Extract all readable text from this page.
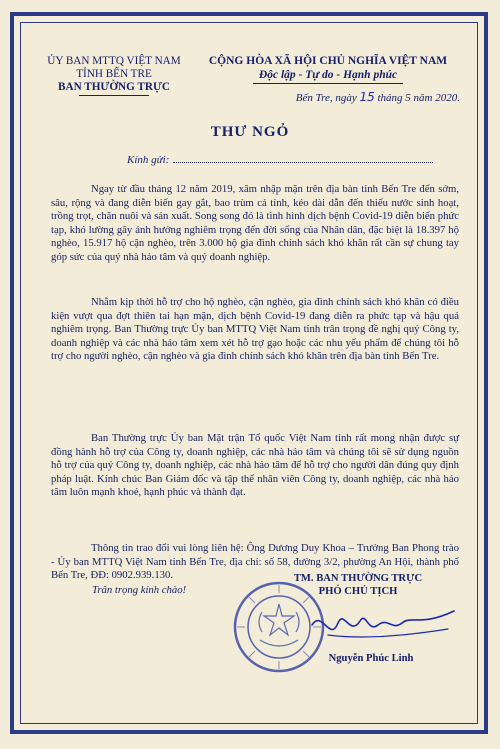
ỦY BAN MTTQ VIỆT NAM
TỈNH BẾN TRE
BAN THƯỜNG TRỰC
CỘNG HÒA XÃ HỘI CHỦ NGHĨA VIỆT NAM
Độc lập - Tự do - Hạnh phúc
Bến Tre, ngày 15 tháng 5 năm 2020.
THƯ NGỎ
Kính gửi:
Ngay từ đầu tháng 12 năm 2019, xâm nhập mặn trên địa bàn tỉnh Bến Tre đến sớm, sâu, rộng và đang diễn biến gay gắt, bao trùm cả tỉnh, kéo dài dẫn đến thiếu nước sinh hoạt, trồng trọt, chăn nuôi và sản xuất. Song song đó là tình hình dịch bệnh Covid-19 diễn biến phức tạp, khó lường gây ảnh hưởng nghiêm trọng đến đời sống của Nhân dân, đặc biệt là 18.397 hộ nghèo, 15.917 hộ cận nghèo, trên 3.000 hộ gia đình chính sách khó khăn rất cần sự chung tay góp sức của quý nhà hảo tâm và quý doanh nghiệp.
Nhằm kịp thời hỗ trợ cho hộ nghèo, cận nghèo, gia đình chính sách khó khăn có điều kiện vượt qua đợt thiên tai hạn mặn, dịch bệnh Covid-19 đang diễn ra phức tạp và hậu quả nghiêm trọng. Ban Thường trực Ủy ban MTTQ Việt Nam tỉnh trân trọng đề nghị quý Công ty, doanh nghiệp và các nhà hảo tâm xem xét hỗ trợ gạo hoặc các nhu yếu phẩm để chúng tôi hỗ trợ cho người nghèo, cận nghèo và gia đình chính sách khó khăn trên địa bàn tỉnh Bến Tre.
Ban Thường trực Ủy ban Mặt trận Tổ quốc Việt Nam tỉnh rất mong nhận được sự đồng hành hỗ trợ của Công ty, doanh nghiệp, các nhà hảo tâm và chúng tôi sẽ sử dụng nguồn hỗ trợ của quý Công ty, doanh nghiệp, các nhà hảo tâm để hỗ trợ cho người dân đúng quy định pháp luật. Kính chúc Ban Giám đốc và tập thể nhân viên Công ty, doanh nghiệp, các nhà hảo tâm luôn mạnh khoẻ, hạnh phúc và thành đạt.
Thông tin trao đổi vui lòng liên hệ: Ông Dương Duy Khoa – Trưởng Ban Phong trào - Ủy ban MTTQ Việt Nam tỉnh Bến Tre, địa chỉ: số 58, đường 3/2, phường An Hội, thành phố Bến Tre, ĐĐ: 0902.939.130.
Trân trọng kính chào!
TM. BAN THƯỜNG TRỰC
PHÓ CHỦ TỊCH
Nguyễn Phúc Linh
